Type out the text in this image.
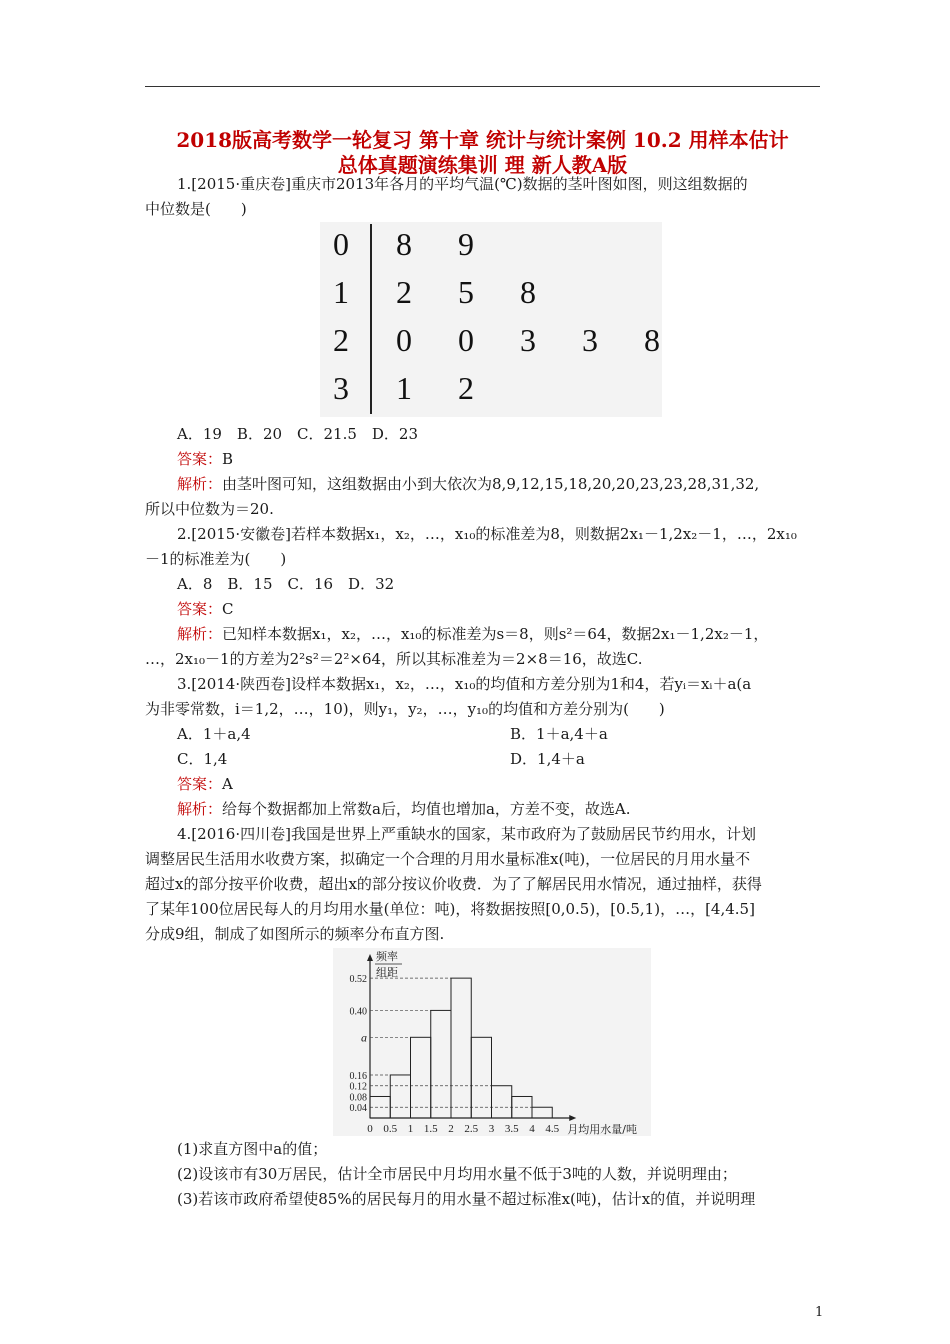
2018版高考数学一轮复习 第十章 统计与统计案例 10.2 用样本估计
总体真题演练集训 理 新人教A版
1.[2015·重庆卷]重庆市2013年各月的平均气温(℃)数据的茎叶图如图，则这组数据的
中位数是(　　)
0 8 9
1 2 5 8
2 0 0 3 3 8
3 1 2
A．19　B．20　C．21.5　D．23
答案：B
解析：由茎叶图可知，这组数据由小到大依次为8,9,12,15,18,20,20,23,23,28,31,32,
所以中位数为＝20.
2.[2015·安徽卷]若样本数据x₁，x₂，…，x₁₀的标准差为8，则数据2x₁－1,2x₂－1，…，2x₁₀
－1的标准差为(　　)
A．8　B．15　C．16　D．32
答案：C
解析：已知样本数据x₁，x₂，…，x₁₀的标准差为s＝8，则s²＝64，数据2x₁－1,2x₂－1，
…，2x₁₀－1的方差为2²s²＝2²×64，所以其标准差为＝2×8＝16，故选C.
3.[2014·陕西卷]设样本数据x₁，x₂，…，x₁₀的均值和方差分别为1和4，若yᵢ＝xᵢ＋a(a
为非零常数，i＝1,2，…，10)，则y₁，y₂，…，y₁₀的均值和方差分别为(　　)
A．1＋a,4	B．1＋a,4＋a
C．1,4	D．1,4＋a
答案：A
解析：给每个数据都加上常数a后，均值也增加a，方差不变，故选A.
4.[2016·四川卷]我国是世界上严重缺水的国家，某市政府为了鼓励居民节约用水，计划
调整居民生活用水收费方案，拟确定一个合理的月用水量标准x(吨)，一位居民的月用水量不
超过x的部分按平价收费，超出x的部分按议价收费．为了了解居民用水情况，通过抽样，获得
了某年100位居民每人的月均用水量(单位：吨)，将数据按照[0,0.5)，[0.5,1)，…，[4,4.5]
分成9组，制成了如图所示的频率分布直方图.
0.52
0.40
a
0.16
0.12
0.08
0.04
0 0.5 1 1.5 2 2.5 3 3.5 4 4.5
频率
组距
月均用水量/吨
(1)求直方图中a的值；
(2)设该市有30万居民，估计全市居民中月均用水量不低于3吨的人数，并说明理由；
(3)若该市政府希望使85%的居民每月的用水量不超过标准x(吨)，估计x的值，并说明理
1
